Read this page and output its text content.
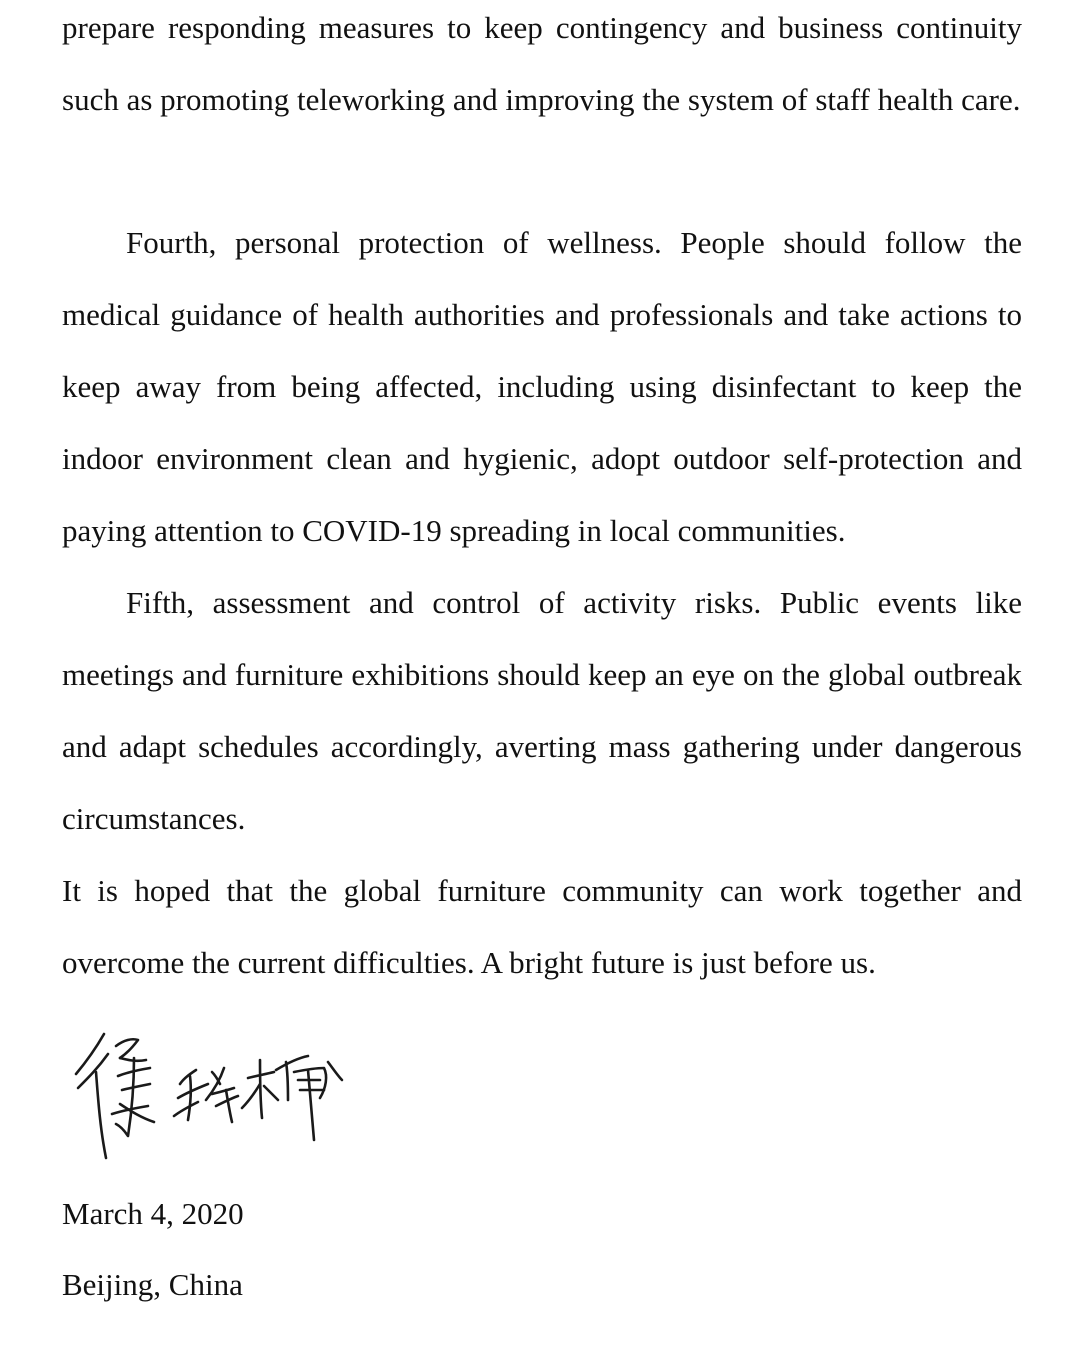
prepare responding measures to keep contingency and business continuity such as promoting teleworking and improving the system of staff health care.

Fourth, personal protection of wellness. People should follow the medical guidance of health authorities and professionals and take actions to keep away from being affected, including using disinfectant to keep the indoor environment clean and hygienic, adopt outdoor self-protection and paying attention to COVID-19 spreading in local communities.

Fifth, assessment and control of activity risks. Public events like meetings and furniture exhibitions should keep an eye on the global outbreak and adapt schedules accordingly, averting mass gathering under dangerous circumstances.

It is hoped that the global furniture community can work together and overcome the current difficulties. A bright future is just before us.

March 4, 2020

Beijing, China
